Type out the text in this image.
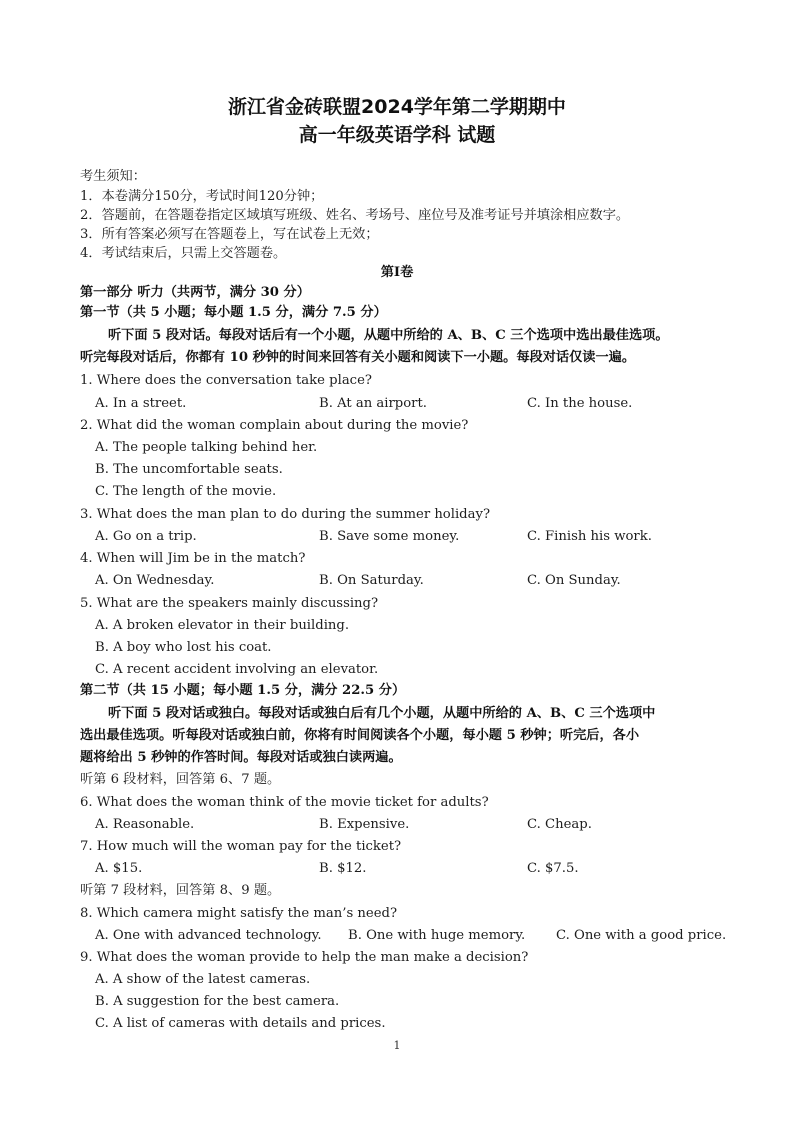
浙江省金砖联盟2024学年第二学期期中
高一年级英语学科 试题
考生须知：
1．本卷满分150分，考试时间120分钟；
2．答题前，在答题卷指定区域填写班级、姓名、考场号、座位号及准考证号并填涂相应数字。
3．所有答案必须写在答题卷上，写在试卷上无效；
4．考试结束后，只需上交答题卷。
第Ⅰ卷
第一部分 听力（共两节，满分 30 分）
第一节（共 5 小题；每小题 1.5 分，满分 7.5 分）
听下面 5 段对话。每段对话后有一个小题，从题中所给的 A、B、C 三个选项中选出最佳选项。
听完每段对话后，你都有 10 秒钟的时间来回答有关小题和阅读下一小题。每段对话仅读一遍。
1. Where does the conversation take place?
A. In a street.	B. At an airport.	C. In the house.
2. What did the woman complain about during the movie?
A. The people talking behind her.
B. The uncomfortable seats.
C. The length of the movie.
3. What does the man plan to do during the summer holiday?
A. Go on a trip.	B. Save some money.	C. Finish his work.
4. When will Jim be in the match?
A. On Wednesday.	B. On Saturday.	C. On Sunday.
5. What are the speakers mainly discussing?
A. A broken elevator in their building.
B. A boy who lost his coat.
C. A recent accident involving an elevator.
第二节（共 15 小题；每小题 1.5 分，满分 22.5 分）
听下面 5 段对话或独白。每段对话或独白后有几个小题，从题中所给的 A、B、C 三个选项中
选出最佳选项。听每段对话或独白前，你将有时间阅读各个小题，每小题 5 秒钟；听完后，各小
题将给出 5 秒钟的作答时间。每段对话或独白读两遍。
听第 6 段材料，回答第 6、7 题。
6. What does the woman think of the movie ticket for adults?
A. Reasonable.	B. Expensive.	C. Cheap.
7. How much will the woman pay for the ticket?
A. $15.	B. $12.	C. $7.5.
听第 7 段材料，回答第 8、9 题。
8. Which camera might satisfy the man’s need?
A. One with advanced technology. B. One with huge memory. C. One with a good price.
9. What does the woman provide to help the man make a decision?
A. A show of the latest cameras.
B. A suggestion for the best camera.
C. A list of cameras with details and prices.
1
